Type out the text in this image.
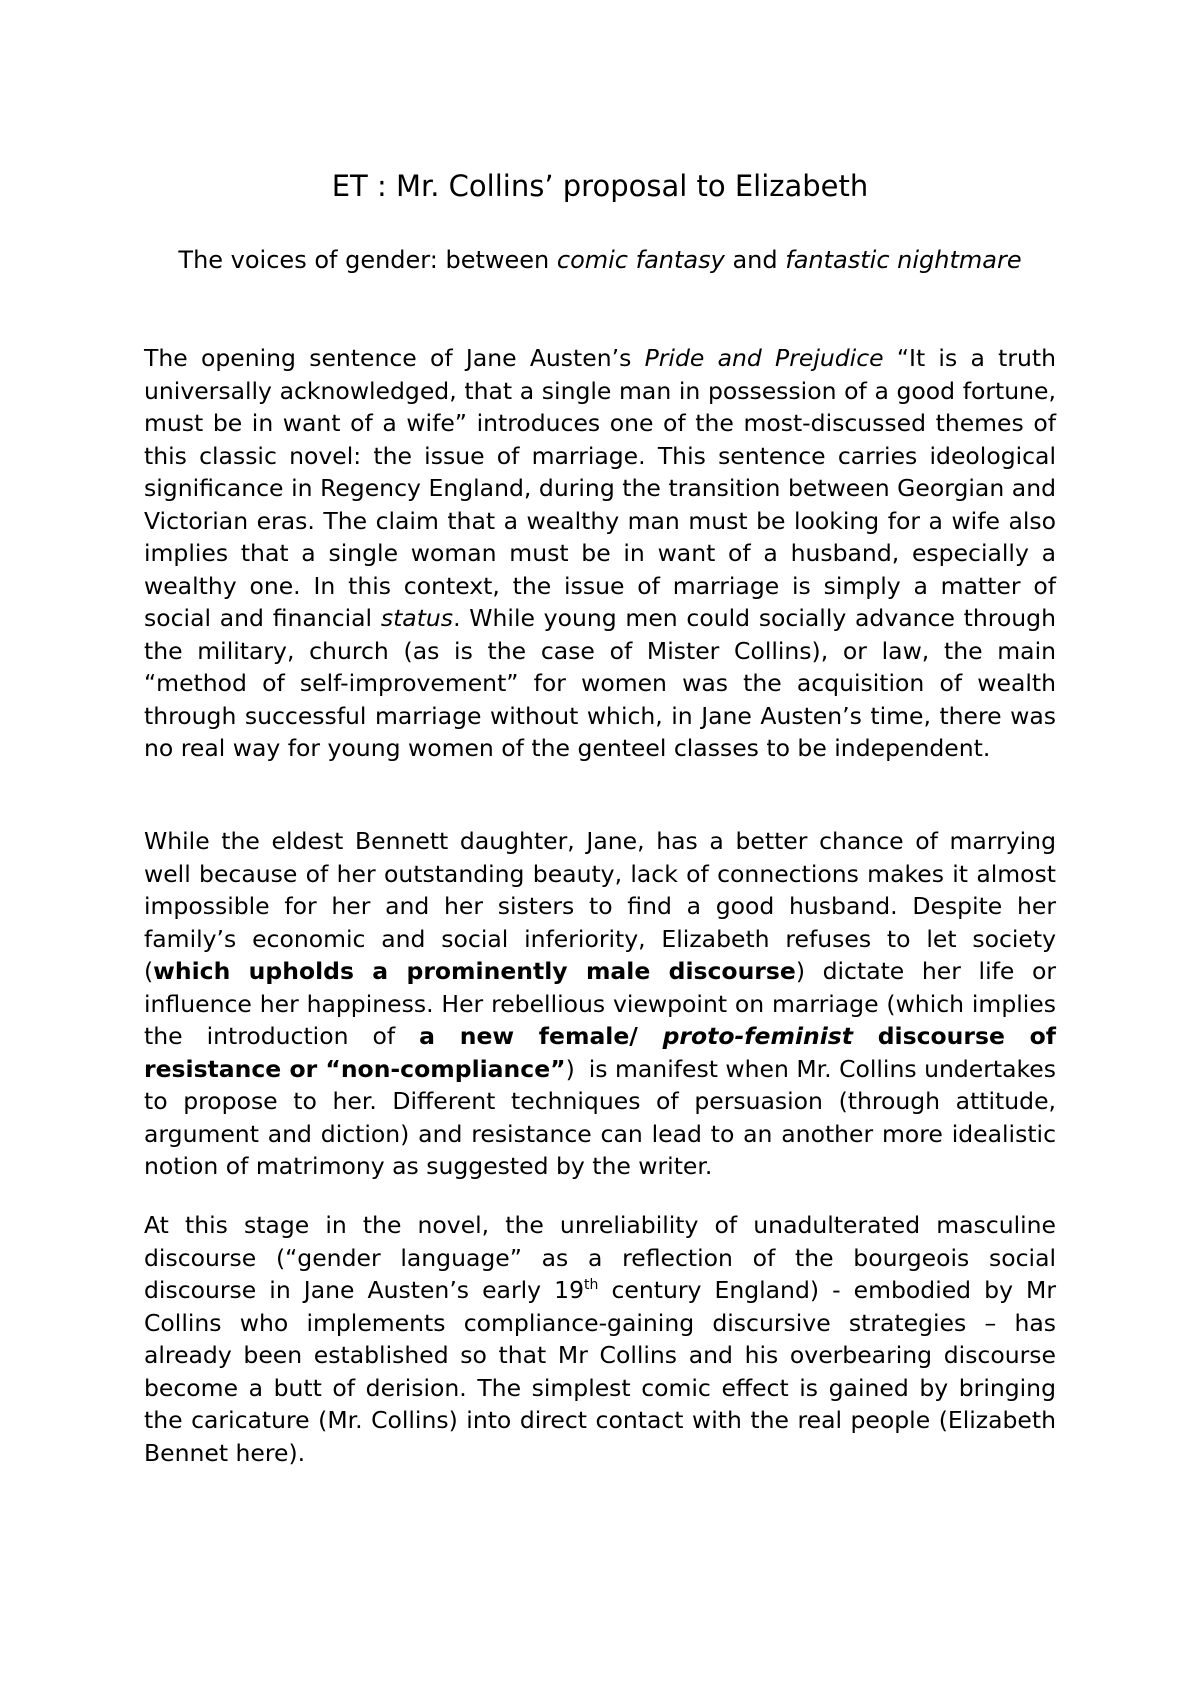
ET : Mr. Collins’ proposal to Elizabeth
The voices of gender: between comic fantasy and fantastic nightmare

The opening sentence of Jane Austen’s Pride and Prejudice “It is a truth universally acknowledged, that a single man in possession of a good fortune, must be in want of a wife” introduces one of the most-discussed themes of this classic novel: the issue of marriage. This sentence carries ideological significance in Regency England, during the transition between Georgian and Victorian eras. The claim that a wealthy man must be looking for a wife also implies that a single woman must be in want of a husband, especially a wealthy one. In this context, the issue of marriage is simply a matter of social and financial status. While young men could socially advance through the military, church (as is the case of Mister Collins), or law, the main “method of self-improvement” for women was the acquisition of wealth through successful marriage without which, in Jane Austen’s time, there was no real way for young women of the genteel classes to be independent.

While the eldest Bennett daughter, Jane, has a better chance of marrying well because of her outstanding beauty, lack of connections makes it almost impossible for her and her sisters to find a good husband. Despite her family’s economic and social inferiority, Elizabeth refuses to let society (which upholds a prominently male discourse) dictate her life or influence her happiness. Her rebellious viewpoint on marriage (which implies the introduction of a new female/ proto-feminist discourse of resistance or “non-compliance”) is manifest when Mr. Collins undertakes to propose to her. Different techniques of persuasion (through attitude, argument and diction) and resistance can lead to an another more idealistic notion of matrimony as suggested by the writer.

At this stage in the novel, the unreliability of unadulterated masculine discourse (“gender language” as a reflection of the bourgeois social discourse in Jane Austen’s early 19th century England) - embodied by Mr Collins who implements compliance-gaining discursive strategies – has already been established so that Mr Collins and his overbearing discourse become a butt of derision. The simplest comic effect is gained by bringing the caricature (Mr. Collins) into direct contact with the real people (Elizabeth Bennet here).
